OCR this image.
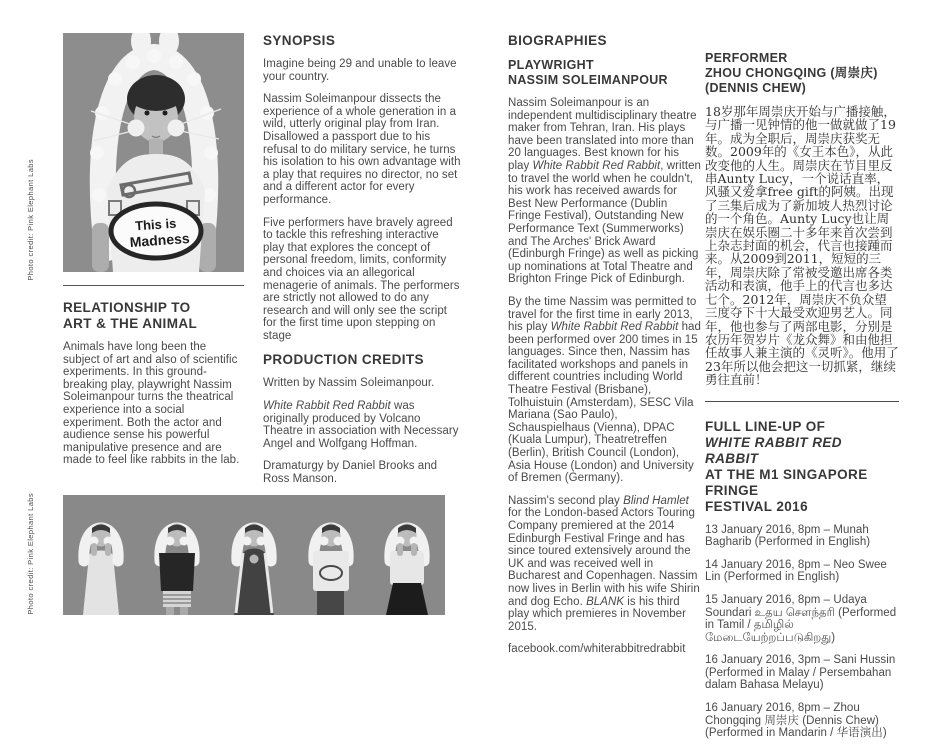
Photo credit: Pink Elephant Labs
Photo credit: Pink Elephant Labs
This is
Madness
RELATIONSHIP TO
ART & THE ANIMAL

Animals have long been the subject of art and also of scientific experiments. In this ground-breaking play, playwright Nassim Soleimanpour turns the theatrical experience into a social experiment. Both the actor and audience sense his powerful manipulative presence and are made to feel like rabbits in the lab.

SYNOPSIS

Imagine being 29 and unable to leave your country.

Nassim Soleimanpour dissects the experience of a whole generation in a wild, utterly original play from Iran. Disallowed a passport due to his refusal to do military service, he turns his isolation to his own advantage with a play that requires no director, no set and a different actor for every performance.

Five performers have bravely agreed to tackle this refreshing interactive play that explores the concept of personal freedom, limits, conformity and choices via an allegorical menagerie of animals. The performers are strictly not allowed to do any research and will only see the script for the first time upon stepping on stage

PRODUCTION CREDITS

Written by Nassim Soleimanpour.

White Rabbit Red Rabbit was originally produced by Volcano Theatre in association with Necessary Angel and Wolfgang Hoffman.

Dramaturgy by Daniel Brooks and Ross Manson.

BIOGRAPHIES
PLAYWRIGHT
NASSIM SOLEIMANPOUR

Nassim Soleimanpour is an independent multidisciplinary theatre maker from Tehran, Iran. His plays have been translated into more than 20 languages. Best known for his play White Rabbit Red Rabbit, written to travel the world when he couldn't, his work has received awards for Best New Performance (Dublin Fringe Festival), Outstanding New Performance Text (Summerworks) and The Arches' Brick Award (Edinburgh Fringe) as well as picking up nominations at Total Theatre and Brighton Fringe Pick of Edinburgh.

By the time Nassim was permitted to travel for the first time in early 2013, his play White Rabbit Red Rabbit had been performed over 200 times in 15 languages. Since then, Nassim has facilitated workshops and panels in different countries including World Theatre Festival (Brisbane), Tolhuistuin (Amsterdam), SESC Vila Mariana (Sao Paulo), Schauspielhaus (Vienna), DPAC (Kuala Lumpur), Theatretreffen (Berlin), British Council (London), Asia House (London) and University of Bremen (Germany).

Nassim's second play Blind Hamlet for the London-based Actors Touring Company premiered at the 2014 Edinburgh Festival Fringe and has since toured extensively around the UK and was received well in Bucharest and Copenhagen. Nassim now lives in Berlin with his wife Shirin and dog Echo. BLANK is his third play which premieres in November 2015.

facebook.com/whiterabbitredrabbit

PERFORMER
ZHOU CHONGQING (周崇庆)
(DENNIS CHEW)

18岁那年周崇庆开始与广播接触，与广播一见钟情的他一做就做了19年。成为全职后，周崇庆获奖无数。2009年的《女王本色》，从此改变他的人生。周崇庆在节目里反串Aunty Lucy，一个说话直率，风骚又爱拿free gift的阿姨。出现了三集后成为了新加坡人热烈讨论的一个角色。Aunty Lucy也让周崇庆在娱乐圈二十多年来首次尝到上杂志封面的机会，代言也接踵而来。从2009到2011，短短的三年，周崇庆除了常被受邀出席各类活动和表演，他手上的代言也多达七个。2012年，周崇庆不负众望三度夺下十大最受欢迎男艺人。同年，他也参与了两部电影，分别是农历年贺岁片《龙众舞》和由他担任故事人兼主演的《灵听》。他用了23年所以他会把这一切抓紧，继续勇往直前！

FULL LINE-UP OF
WHITE RABBIT RED RABBIT
AT THE M1 SINGAPORE FRINGE
FESTIVAL 2016

13 January 2016, 8pm – Munah Bagharib (Performed in English)

14 January 2016, 8pm – Neo Swee Lin (Performed in English)

15 January 2016, 8pm – Udaya Soundari உதய சௌந்தரி (Performed in Tamil / தமிழில் மேடையேற்றப்படுகிறது)

16 January 2016, 3pm – Sani Hussin (Performed in Malay / Persembahan dalam Bahasa Melayu)

16 January 2016, 8pm – Zhou Chongqing 周崇庆 (Dennis Chew) (Performed in Mandarin / 华语演出)
